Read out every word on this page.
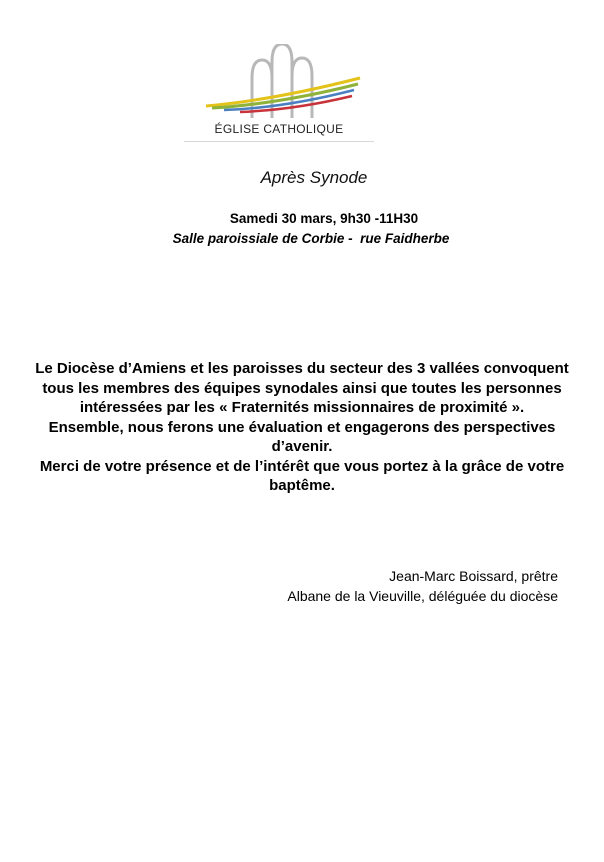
ÉGLISE CATHOLIQUE
Après Synode
Samedi 30 mars, 9h30 -11H30
Salle paroissiale de Corbie -  rue Faidherbe

Le Diocèse d’Amiens et les paroisses du secteur des 3 vallées convoquent

tous les membres des équipes synodales ainsi que toutes les personnes

intéressées par les « Fraternités missionnaires de proximité ».

Ensemble, nous ferons une évaluation et engagerons des perspectives

d’avenir.

Merci de votre présence et de l’intérêt que vous portez à la grâce de votre

baptême.

Jean-Marc Boissard, prêtre

Albane de la Vieuville, déléguée du diocèse
